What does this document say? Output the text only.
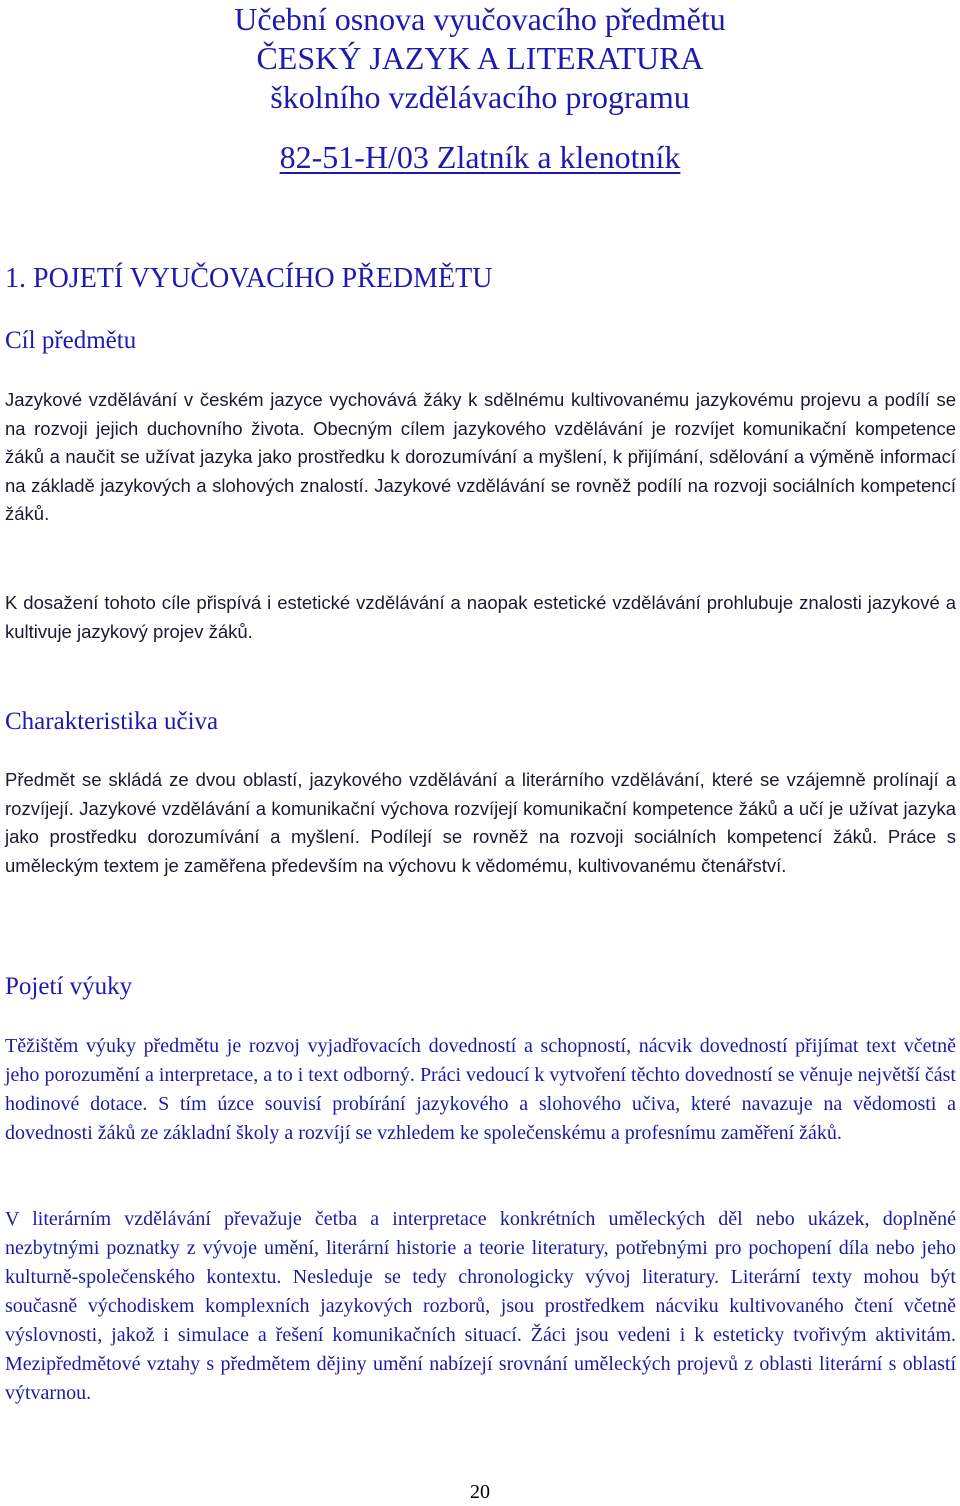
Učební osnova vyučovacího předmětu
ČESKÝ JAZYK A LITERATURA
školního vzdělávacího programu
82-51-H/03 Zlatník a klenotník
1. POJETÍ VYUČOVACÍHO PŘEDMĚTU
Cíl předmětu

Jazykové vzdělávání v českém jazyce vychovává žáky k sdělnému kultivovanému jazykovému projevu a podílí se na rozvoji jejich duchovního života. Obecným cílem jazykového vzdělávání je rozvíjet komunikační kompetence žáků a naučit se užívat jazyka jako prostředku k dorozumívání a myšlení, k přijímání, sdělování a výměně informací na základě jazykových a slohových znalostí. Jazykové vzdělávání se rovněž podílí na rozvoji sociálních kompetencí žáků.

K dosažení tohoto cíle přispívá i estetické vzdělávání a naopak estetické vzdělávání prohlubuje znalosti jazykové a kultivuje jazykový projev žáků.

Charakteristika učiva

Předmět se skládá ze dvou oblastí, jazykového vzdělávání a literárního vzdělávání, které se vzájemně prolínají a rozvíjejí. Jazykové vzdělávání a komunikační výchova rozvíjejí komunikační kompetence žáků a učí je užívat jazyka jako prostředku dorozumívání a myšlení. Podílejí se rovněž na rozvoji sociálních kompetencí žáků. Práce s uměleckým textem je zaměřena především na výchovu k vědomému, kultivovanému čtenářství.

Pojetí výuky

Těžištěm výuky předmětu je rozvoj vyjadřovacích dovedností a schopností, nácvik dovedností přijímat text včetně jeho porozumění a interpretace, a to i text odborný. Práci vedoucí k vytvoření těchto dovedností se věnuje největší část hodinové dotace. S tím úzce souvisí probírání jazykového a slohového učiva, které navazuje na vědomosti a dovednosti žáků ze základní školy a rozvíjí se vzhledem ke společenskému a profesnímu zaměření žáků.

V literárním vzdělávání převažuje četba a interpretace konkrétních uměleckých děl nebo ukázek, doplněné nezbytnými poznatky z vývoje umění, literární historie a teorie literatury, potřebnými pro pochopení díla nebo jeho kulturně-společenského kontextu. Nesleduje se tedy chronologicky vývoj literatury. Literární texty mohou být současně východiskem komplexních jazykových rozborů, jsou prostředkem nácviku kultivovaného čtení včetně výslovnosti, jakož i simulace a řešení komunikačních situací. Žáci jsou vedeni i k esteticky tvořivým aktivitám. Mezipředmětové vztahy s předmětem dějiny umění nabízejí srovnání uměleckých projevů z oblasti literární s oblastí výtvarnou.

20
